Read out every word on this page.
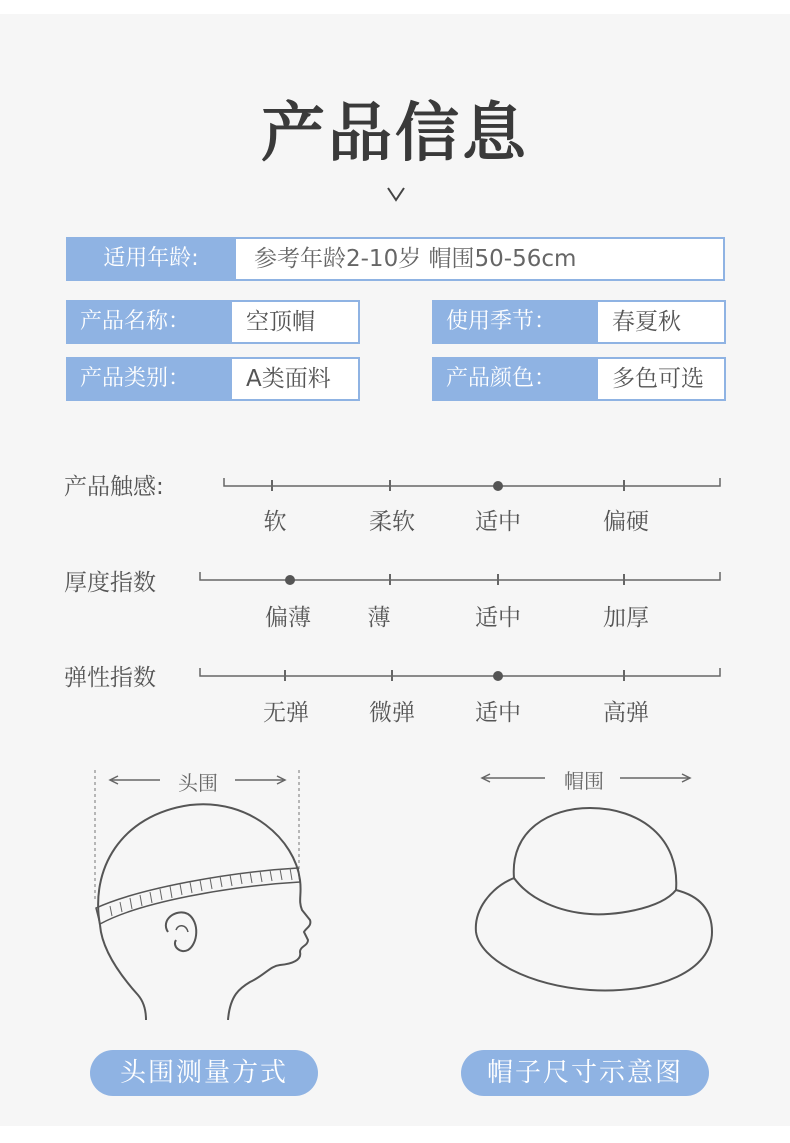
产品信息
适用年龄:	参考年龄2-10岁 帽围50-56cm
产品名称：	空顶帽	使用季节：	春夏秋
产品类别：	A类面料	产品颜色：	多色可选
产品触感:
软	柔软	适中	偏硬
厚度指数
偏薄 薄	适中	加厚
弹性指数
无弹	微弹	适中	高弹
头围	帽围
头围测量方式	帽子尺寸示意图
